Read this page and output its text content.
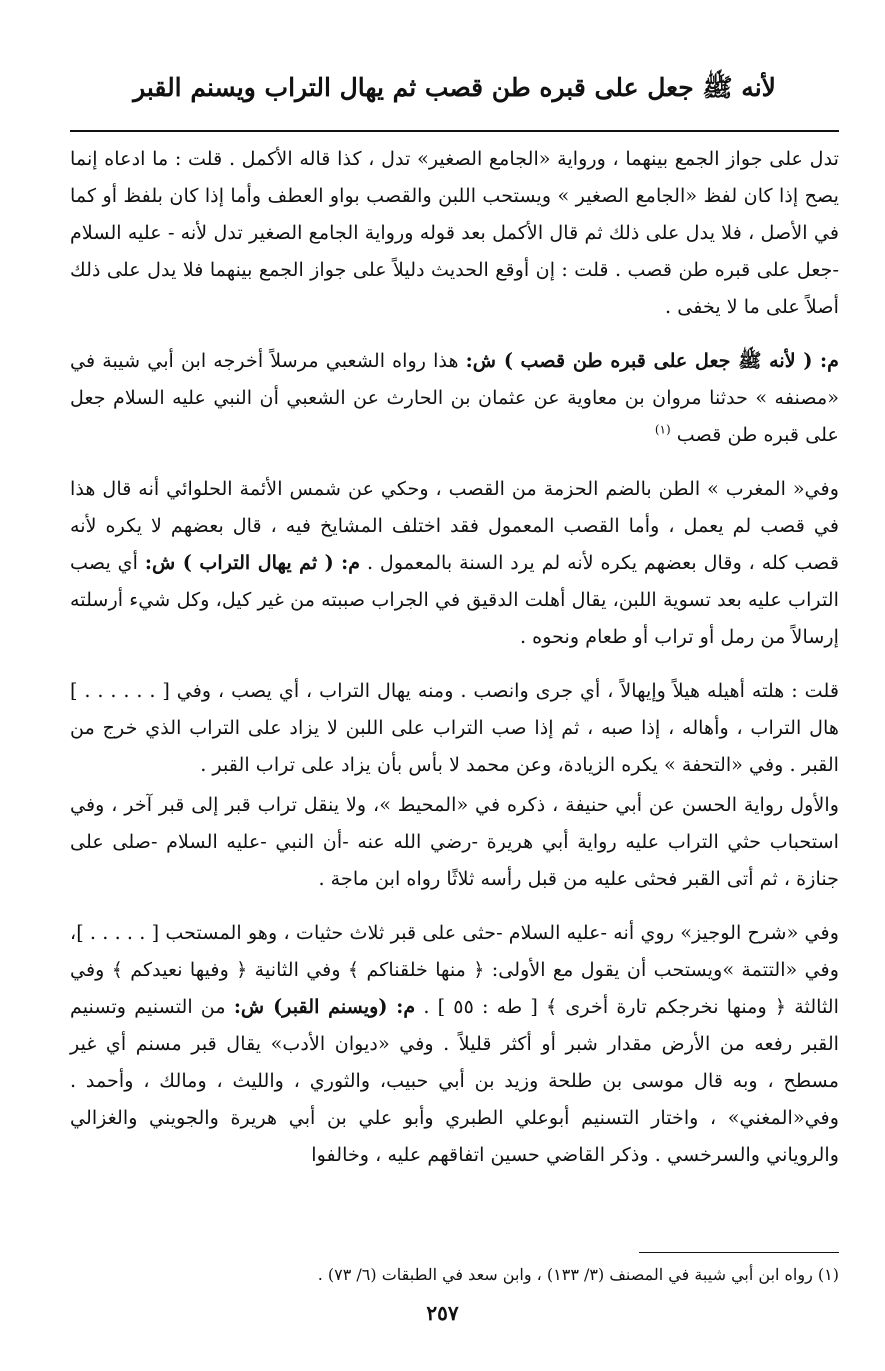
لأنه ﷺ جعل على قبره طن قصب ثم يهال التراب ويسنم القبر

تدل على جواز الجمع بينهما ، ورواية «الجامع الصغير» تدل ، كذا قاله الأكمل . قلت : ما ادعاه إنما يصح إذا كان لفظ «الجامع الصغير » ويستحب اللبن والقصب بواو العطف وأما إذا كان بلفظ أو كما في الأصل ، فلا يدل على ذلك ثم قال الأكمل بعد قوله ورواية الجامع الصغير تدل لأنه - عليه السلام -جعل على قبره طن قصب . قلت : إن أوقع الحديث دليلاً على جواز الجمع بينهما فلا يدل على ذلك أصلاً على ما لا يخفى .

م: ( لأنه ﷺ جعل على قبره طن قصب ) ش: هذا رواه الشعبي مرسلاً أخرجه ابن أبي شيبة في «مصنفه » حدثنا مروان بن معاوية عن عثمان بن الحارث عن الشعبي أن النبي عليه السلام جعل على قبره طن قصب $^{(١)}$

وفي« المغرب » الطن بالضم الحزمة من القصب ، وحكي عن شمس الأئمة الحلوائي أنه قال هذا في قصب لم يعمل ، وأما القصب المعمول فقد اختلف المشايخ فيه ، قال بعضهم لا يكره لأنه قصب كله ، وقال بعضهم يكره لأنه لم يرد السنة بالمعمول . م: ( ثم يهال التراب ) ش: أي يصب التراب عليه بعد تسوية اللبن، يقال أهلت الدقيق في الجراب صببته من غير كيل، وكل شيء أرسلته إرسالاً من رمل أو تراب أو طعام ونحوه .

قلت : هلته أهيله هيلاً وإيهالاً ، أي جرى وانصب . ومنه يهال التراب ، أي يصب ، وفي [ . . . . . . ] هال التراب ، وأهاله ، إذا صبه ، ثم إذا صب التراب على اللبن لا يزاد على التراب الذي خرج من القبر . وفي «التحفة » يكره الزيادة، وعن محمد لا بأس بأن يزاد على تراب القبر .

والأول رواية الحسن عن أبي حنيفة ، ذكره في «المحيط »، ولا ينقل تراب قبر إلى قبر آخر ، وفي استحباب حثي التراب عليه رواية أبي هريرة -رضي الله عنه -أن النبي -عليه السلام -صلى على جنازة ، ثم أتى القبر فحثى عليه من قبل رأسه ثلاثًا رواه ابن ماجة .

وفي «شرح الوجيز» روي أنه -عليه السلام -حثى على قبر ثلاث حثيات ، وهو المستحب [ . . . . . ]، وفي «التتمة »ويستحب أن يقول مع الأولى: ﴿ منها خلقناكم ﴾ وفي الثانية ﴿ وفيها نعيدكم ﴾ وفي الثالثة ﴿ ومنها نخرجكم تارة أخرى ﴾ [ طه : ٥٥ ] . م: (ويسنم القبر) ش: من التسنيم وتسنيم القبر رفعه من الأرض مقدار شبر أو أكثر قليلاً . وفي «ديوان الأدب» يقال قبر مسنم أي غير مسطح ، وبه قال موسى بن طلحة وزيد بن أبي حبيب، والثوري ، والليث ، ومالك ، وأحمد . وفي«المغني» ، واختار التسنيم أبوعلي الطبري وأبو علي بن أبي هريرة والجويني والغزالي والروياني والسرخسي . وذكر القاضي حسين اتفاقهم عليه ، وخالفوا

(١) رواه ابن أبي شيبة في المصنف (٣/ ١٣٣) ، وابن سعد في الطبقات (٦/ ٧٣) .
٢٥٧
